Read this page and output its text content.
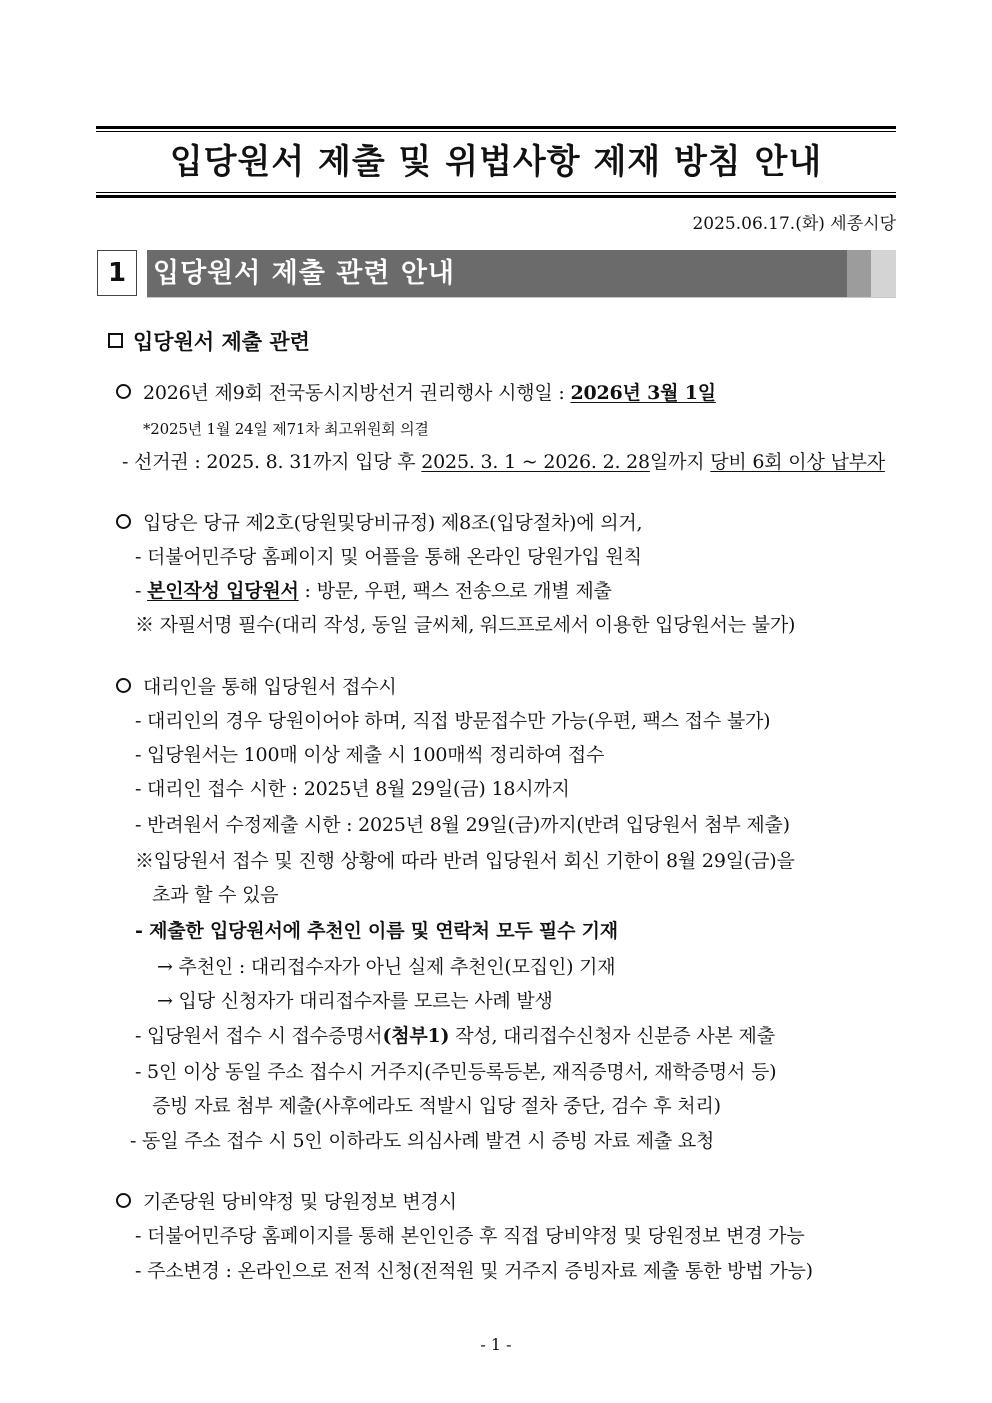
입당원서 제출 및 위법사항 제재 방침 안내
2025.06.17.(화) 세종시당
1 입당원서 제출 관련 안내
입당원서 제출 관련
2026년 제9회 전국동시지방선거 권리행사 시행일 : 2026년 3월 1일
*2025년 1월 24일 제71차 최고위원회 의결
- 선거권 : 2025. 8. 31까지 입당 후 2025. 3. 1 ~ 2026. 2. 28일까지 당비 6회 이상 납부자
입당은 당규 제2호(당원및당비규정) 제8조(입당절차)에 의거,
- 더불어민주당 홈페이지 및 어플을 통해 온라인 당원가입 원칙
- 본인작성 입당원서 : 방문, 우편, 팩스 전송으로 개별 제출
※ 자필서명 필수(대리 작성, 동일 글씨체, 워드프로세서 이용한 입당원서는 불가)
대리인을 통해 입당원서 접수시
- 대리인의 경우 당원이어야 하며, 직접 방문접수만 가능(우편, 팩스 접수 불가)
- 입당원서는 100매 이상 제출 시 100매씩 정리하여 접수
- 대리인 접수 시한 : 2025년 8월 29일(금) 18시까지
- 반려원서 수정제출 시한 : 2025년 8월 29일(금)까지(반려 입당원서 첨부 제출)
※입당원서 접수 및 진행 상황에 따라 반려 입당원서 회신 기한이 8월 29일(금)을
초과 할 수 있음
- 제출한 입당원서에 추천인 이름 및 연락처 모두 필수 기재
→ 추천인 : 대리접수자가 아닌 실제 추천인(모집인) 기재
→ 입당 신청자가 대리접수자를 모르는 사례 발생
- 입당원서 접수 시 접수증명서(첨부1) 작성, 대리접수신청자 신분증 사본 제출
- 5인 이상 동일 주소 접수시 거주지(주민등록등본, 재직증명서, 재학증명서 등)
증빙 자료 첨부 제출(사후에라도 적발시 입당 절차 중단, 검수 후 처리)
- 동일 주소 접수 시 5인 이하라도 의심사례 발견 시 증빙 자료 제출 요청
기존당원 당비약정 및 당원정보 변경시
- 더불어민주당 홈페이지를 통해 본인인증 후 직접 당비약정 및 당원정보 변경 가능
- 주소변경 : 온라인으로 전적 신청(전적원 및 거주지 증빙자료 제출 통한 방법 가능)
- 1 -
